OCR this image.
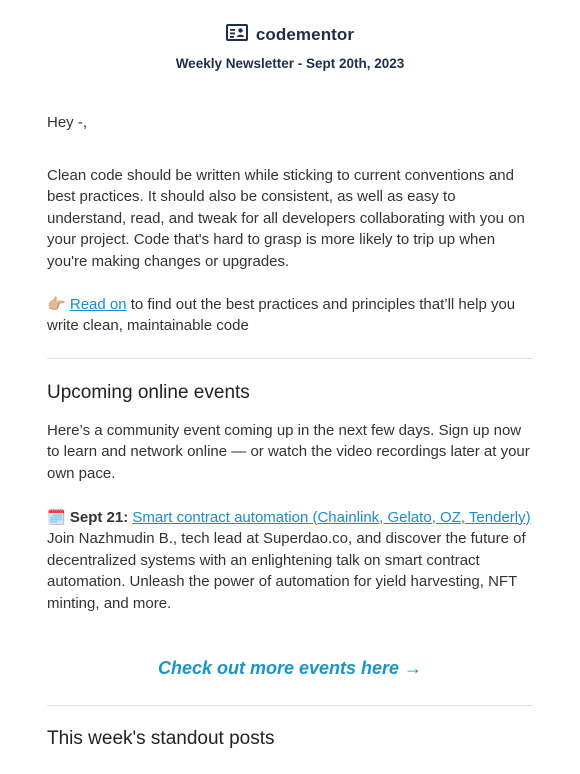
codementor
Weekly Newsletter - Sept 20th, 2023

Hey -,

Clean code should be written while sticking to current conventions and best practices. It should also be consistent, as well as easy to understand, read, and tweak for all developers collaborating with you on your project. Code that's hard to grasp is more likely to trip up when you're making changes or upgrades.

👉🏼 Read on to find out the best practices and principles that’ll help you write clean, maintainable code

Upcoming online events

Here’s a community event coming up in the next few days. Sign up now to learn and network online — or watch the video recordings later at your own pace.

🗓️ Sept 21: Smart contract automation (Chainlink, Gelato, OZ, Tenderly)

Join Nazhmudin B., tech lead at Superdao.co, and discover the future of decentralized systems with an enlightening talk on smart contract automation. Unleash the power of automation for yield harvesting, NFT minting, and more.

Check out more events here →
This week's standout posts
